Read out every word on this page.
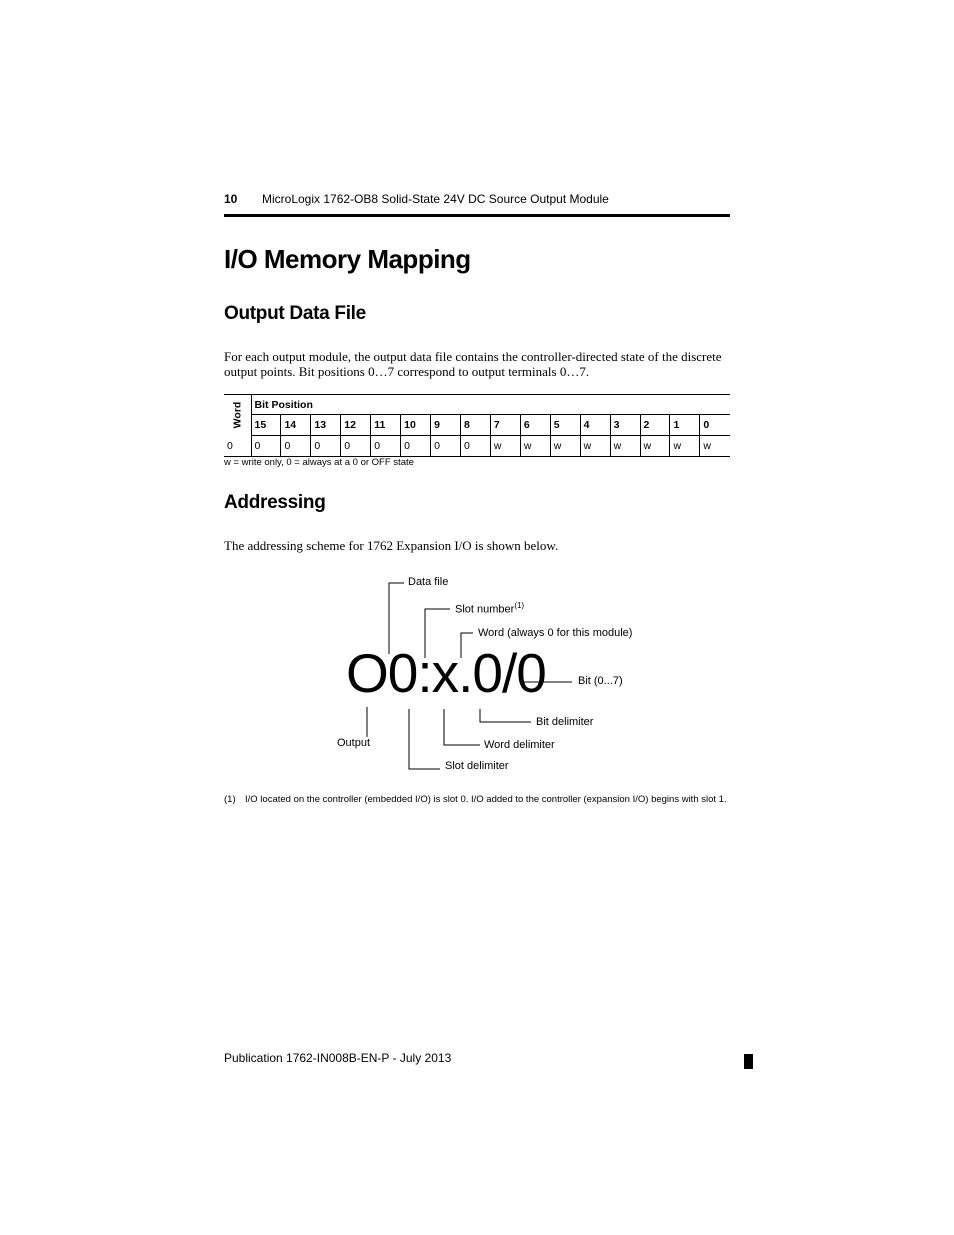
10 MicroLogix 1762-OB8 Solid-State 24V DC Source Output Module
I/O Memory Mapping
Output Data File

For each output module, the output data file contains the controller-directed state of the discrete output points. Bit positions 0…7 correspond to output terminals 0…7.

Word	Bit Position															
	15	14	13	12	11	10	9	8	7	6	5	4	3	2	1	0
0	0	0	0	0	0	0	0	0	w	w	w	w	w	w	w	w
w = write only, 0 = always at a 0 or OFF state
Addressing

The addressing scheme for 1762 Expansion I/O is shown below.

O0:x.0/0
Data file
Slot number$^{(1)}$
Word (always 0 for this module)
Bit (0...7)
Bit delimiter
Output	Word delimiter
Slot delimiter
(1) I/O located on the controller (embedded I/O) is slot 0. I/O added to the controller (expansion I/O) begins with slot 1.
Publication 1762-IN008B-EN-P - July 2013
